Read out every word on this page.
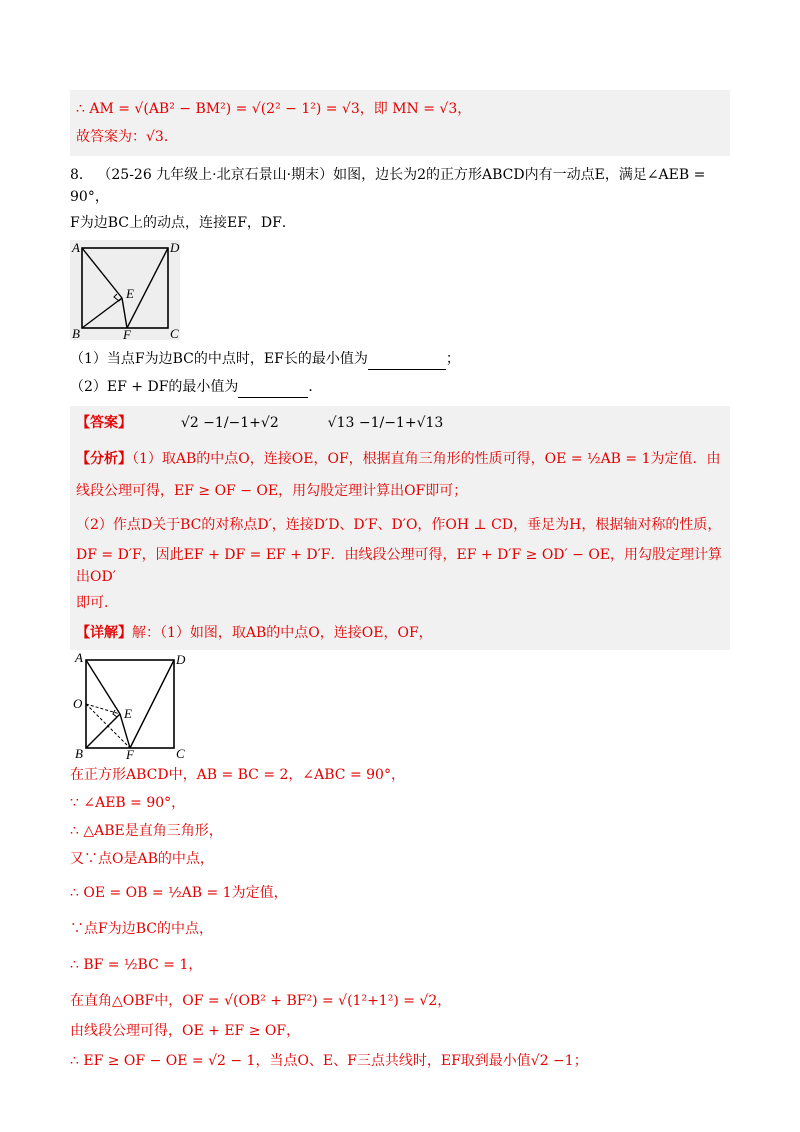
∴ AM = √(AB² − BM²) = √(2² − 1²) = √3，即 MN = √3，
故答案为：√3．
8． （25-26 九年级上·北京石景山·期末）如图，边长为2的正方形ABCD内有一动点E，满足∠AEB = 90°，
F为边BC上的动点，连接EF，DF．
A	D
E
B	F	C
（1）当点F为边BC的中点时，EF长的最小值为	；
（2）EF + DF的最小值为	．
【答案】	√2 −1/−1+√2	√13 −1/−1+√13
【分析】（1）取AB的中点O，连接OE，OF，根据直角三角形的性质可得，OE = ½AB = 1为定值．由
线段公理可得，EF ≥ OF − OE，用勾股定理计算出OF即可；
（2）作点D关于BC的对称点D′，连接D′D、D′F、D′O，作OH ⊥ CD，垂足为H，根据轴对称的性质，
DF = D′F，因此EF + DF = EF + D′F．由线段公理可得，EF + D′F ≥ OD′ − OE，用勾股定理计算出OD′
即可．
【详解】解：（1）如图，取AB的中点O，连接OE，OF，
A	D
O
E
B	F	C
在正方形ABCD中，AB = BC = 2，∠ABC = 90°，
∵ ∠AEB = 90°，
∴ △ABE是直角三角形，
又∵点O是AB的中点，
∴ OE = OB = ½AB = 1为定值，
∵点F为边BC的中点，
∴ BF = ½BC = 1，
在直角△OBF中，OF = √(OB² + BF²) = √(1²+1²) = √2，
由线段公理可得，OE + EF ≥ OF，
∴ EF ≥ OF − OE = √2 − 1，当点O、E、F三点共线时，EF取到最小值√2 −1；
